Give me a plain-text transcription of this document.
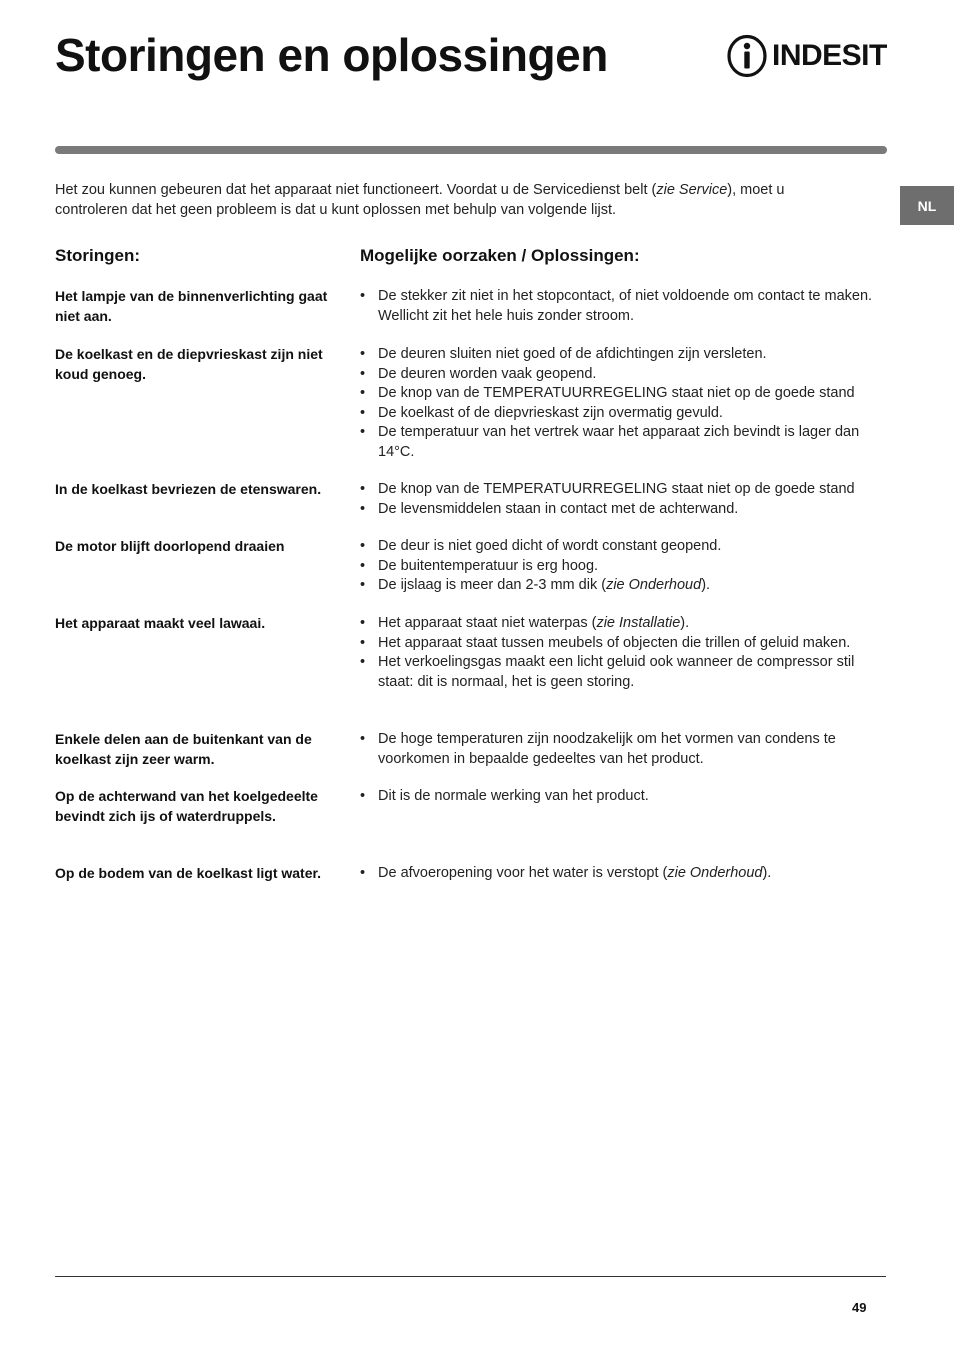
Storingen en oplossingen	INDESIT
NL

Het zou kunnen gebeuren dat het apparaat niet functioneert. Voordat u de Servicedienst belt (zie Service), moet u controleren dat het geen probleem is dat u kunt oplossen met behulp van volgende lijst.

Storingen:	Mogelijke oorzaken / Oplossingen:
Het lampje van de binnenverlichting gaat niet aan.
• De stekker zit niet in het stopcontact, of niet voldoende om contact te maken. Wellicht zit het hele huis zonder stroom.
De koelkast en de diepvrieskast zijn niet koud genoeg.
• De deuren sluiten niet goed of de afdichtingen zijn versleten.
• De deuren worden vaak geopend.
• De knop van de TEMPERATUURREGELING staat niet op de goede stand
• De koelkast of de diepvrieskast zijn overmatig gevuld.
• De temperatuur van het vertrek waar het apparaat zich bevindt is lager dan 14°C.
In de koelkast bevriezen de etenswaren.	• De knop van de TEMPERATUURREGELING staat niet op de goede stand
• De levensmiddelen staan in contact met de achterwand.
De motor blijft doorlopend draaien	• De deur is niet goed dicht of wordt constant geopend.
• De buitentemperatuur is erg hoog.
• De ijslaag is meer dan 2-3 mm dik (zie Onderhoud).
Het apparaat maakt veel lawaai.	• Het apparaat staat niet waterpas (zie Installatie).
• Het apparaat staat tussen meubels of objecten die trillen of geluid maken.
• Het verkoelingsgas maakt een licht geluid ook wanneer de compressor stil staat: dit is normaal, het is geen storing.
Enkele delen aan de buitenkant van de koelkast zijn zeer warm.
• De hoge temperaturen zijn noodzakelijk om het vormen van condens te voorkomen in bepaalde gedeeltes van het product.
Op de achterwand van het koelgedeelte bevindt zich ijs of waterdruppels.
• Dit is de normale werking van het product.
Op de bodem van de koelkast ligt water.	• De afvoeropening voor het water is verstopt (zie Onderhoud).
49
